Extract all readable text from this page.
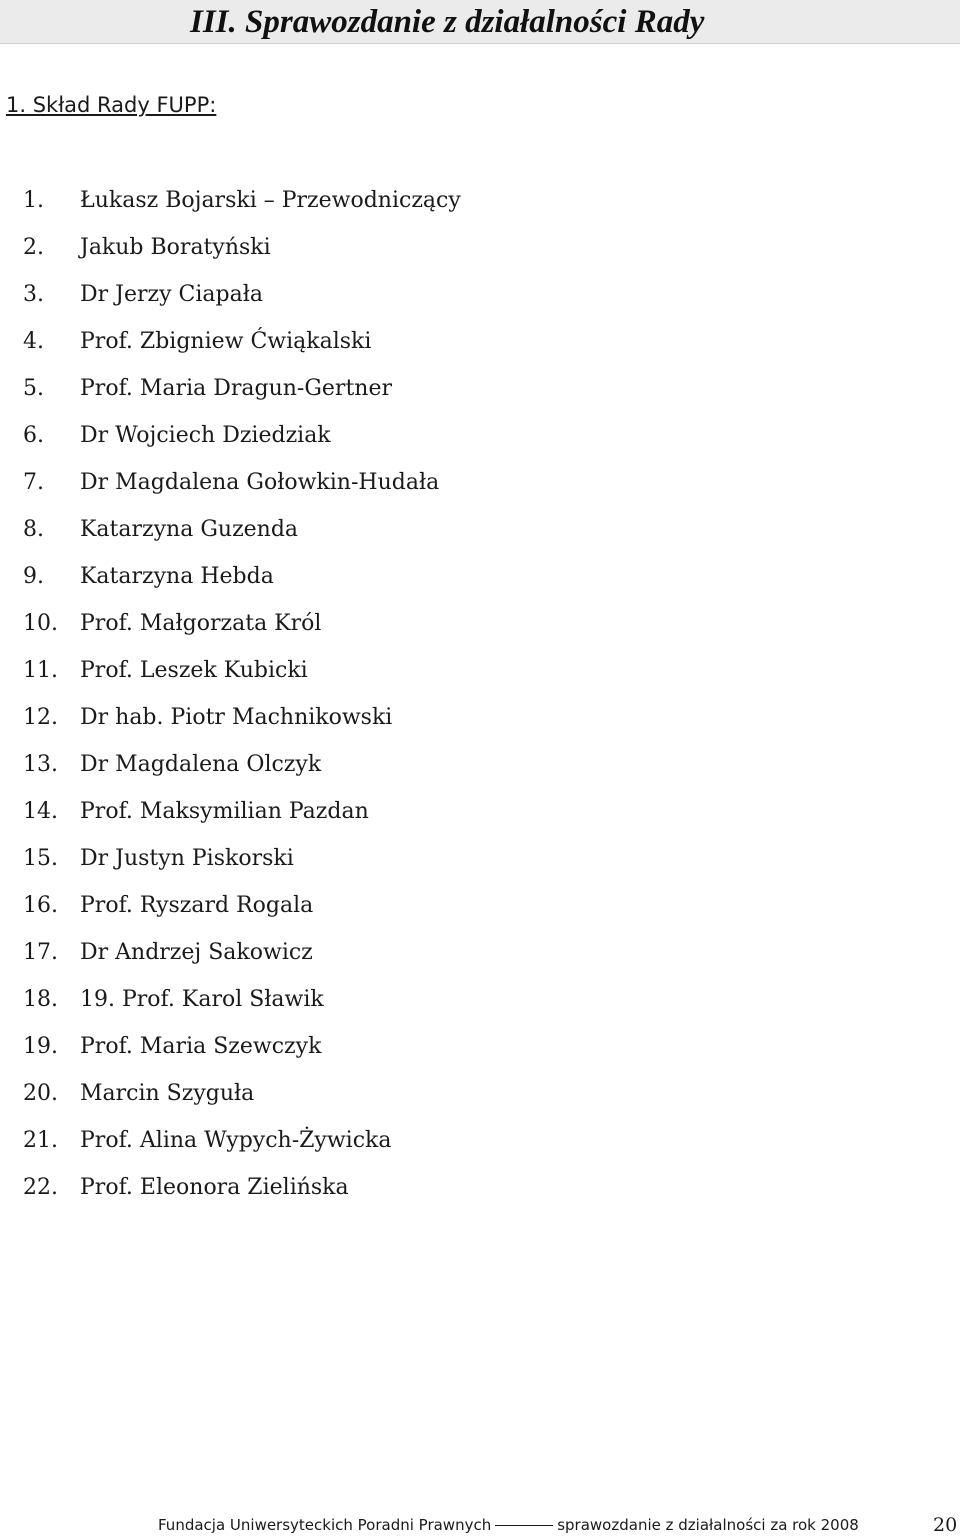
III. Sprawozdanie z działalności Rady
1. Skład Rady FUPP:
1.	Łukasz Bojarski – Przewodniczący
2.	Jakub Boratyński
3.	Dr Jerzy Ciapała
4.	Prof. Zbigniew Ćwiąkalski
5.	Prof. Maria Dragun-Gertner
6.	Dr Wojciech Dziedziak
7.	Dr Magdalena Gołowkin-Hudała
8.	Katarzyna Guzenda
9.	Katarzyna Hebda
10.	Prof. Małgorzata Król
11.	Prof. Leszek Kubicki
12.	Dr hab. Piotr Machnikowski
13.	Dr Magdalena Olczyk
14.	Prof. Maksymilian Pazdan
15.	Dr Justyn Piskorski
16.	Prof. Ryszard Rogala
17.	Dr Andrzej Sakowicz
18.	19. Prof. Karol Sławik
19.	Prof. Maria Szewczyk
20.	Marcin Szyguła
21.	Prof. Alina Wypych-Żywicka
22.	Prof. Eleonora Zielińska
Fundacja Uniwersyteckich Poradni Prawnych	sprawozdanie z działalności za rok 2008	20
